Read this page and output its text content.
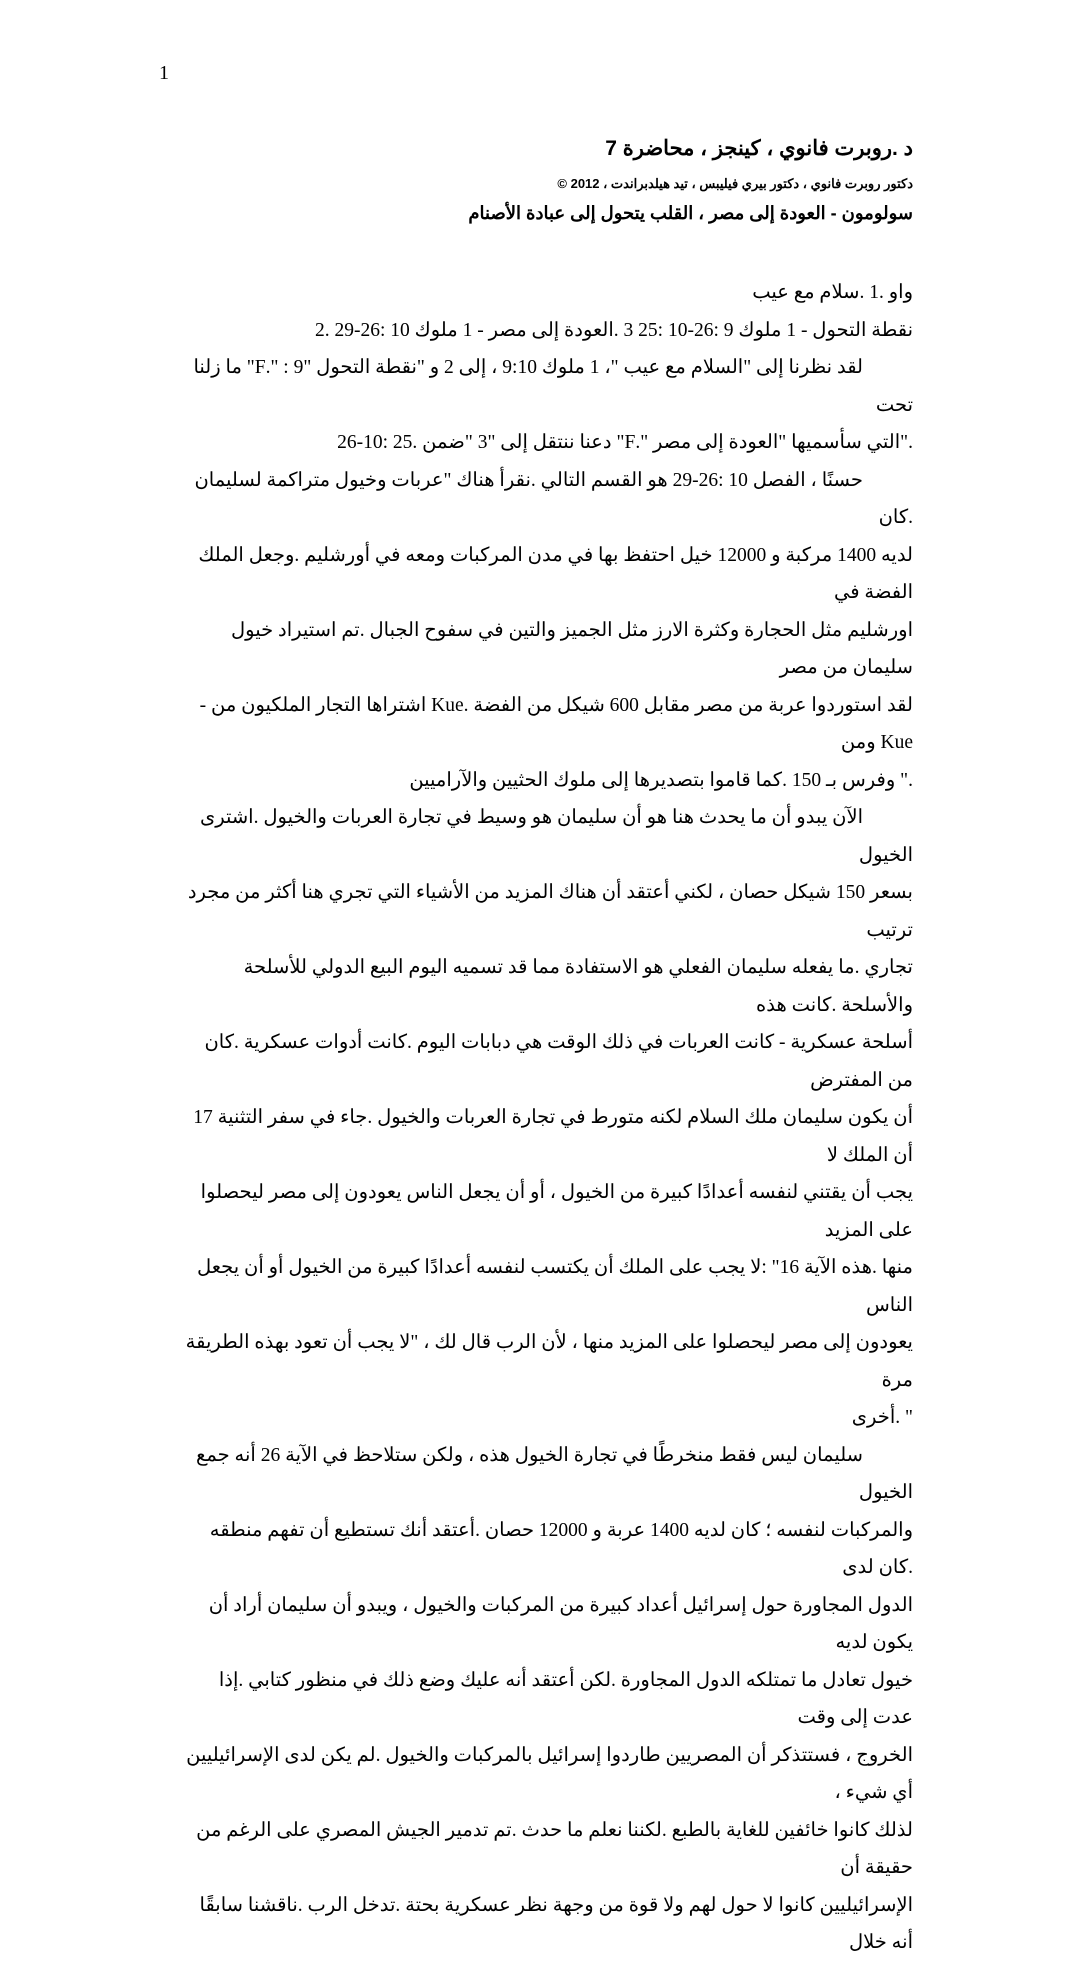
1

د .روبرت فانوي ، كينجز ، محاضرة 7

دكتور روبرت فانوي ، دكتور بيري فيليبس ، تيد هيلدبراندت ، 2012 ©

سولومون - العودة إلى مصر ، القلب يتحول إلى عبادة الأصنام

واو .1 .سلام مع عيب

نقطة التحول - 1 ملوك 9 :26-10 :25 3 .العودة إلى مصر - 1 ملوك 10 :26-29 .2

لقد نظرنا إلى "السلام مع عيب "، 1 ملوك 9:10 ، إلى 2 و "نقطة التحول "9 : ".F" ما زلنا تحت

."التي سأسميها "العودة إلى مصر ".F" دعنا ننتقل إلى "3 "ضمن .25 :10-26

حسنًا ، الفصل 10 :26-29 هو القسم التالي .نقرأ هناك "عربات وخيول متراكمة لسليمان .كان

لديه 1400 مركبة و 12000 خيل احتفظ بها في مدن المركبات ومعه في أورشليم .وجعل الملك الفضة في

اورشليم مثل الحجارة وكثرة الارز مثل الجميز والتين في سفوح الجبال .تم استيراد خيول سليمان من مصر

لقد استوردوا عربة من مصر مقابل 600 شيكل من الفضة .Kue اشتراها التجار الملكيون من - Kue ومن

." وفرس بـ 150 .كما قاموا بتصديرها إلى ملوك الحثيين والآراميين

الآن يبدو أن ما يحدث هنا هو أن سليمان هو وسيط في تجارة العربات والخيول .اشترى الخيول

بسعر 150 شيكل حصان ، لكني أعتقد أن هناك المزيد من الأشياء التي تجري هنا أكثر من مجرد ترتيب

تجاري .ما يفعله سليمان الفعلي هو الاستفادة مما قد تسميه اليوم البيع الدولي للأسلحة والأسلحة .كانت هذه

أسلحة عسكرية - كانت العربات في ذلك الوقت هي دبابات اليوم .كانت أدوات عسكرية .كان من المفترض

أن يكون سليمان ملك السلام لكنه متورط في تجارة العربات والخيول .جاء في سفر التثنية 17 أن الملك لا

يجب أن يقتني لنفسه أعدادًا كبيرة من الخيول ، أو أن يجعل الناس يعودون إلى مصر ليحصلوا على المزيد

منها .هذه الآية 16" :لا يجب على الملك أن يكتسب لنفسه أعدادًا كبيرة من الخيول أو أن يجعل الناس

يعودون إلى مصر ليحصلوا على المزيد منها ، لأن الرب قال لك ، "لا يجب أن تعود بهذه الطريقة مرة

" .أخرى

سليمان ليس فقط منخرطًا في تجارة الخيول هذه ، ولكن ستلاحظ في الآية 26 أنه جمع الخيول

والمركبات لنفسه ؛ كان لديه 1400 عربة و 12000 حصان .أعتقد أنك تستطيع أن تفهم منطقه .كان لدى

الدول المجاورة حول إسرائيل أعداد كبيرة من المركبات والخيول ، ويبدو أن سليمان أراد أن يكون لديه

خيول تعادل ما تمتلكه الدول المجاورة .لكن أعتقد أنه عليك وضع ذلك في منظور كتابي .إذا عدت إلى وقت

الخروج ، فستتذكر أن المصريين طاردوا إسرائيل بالمركبات والخيول .لم يكن لدى الإسرائيليين أي شيء ،

لذلك كانوا خائفين للغاية بالطبع .لكننا نعلم ما حدث .تم تدمير الجيش المصري على الرغم من حقيقة أن

الإسرائيليين كانوا لا حول لهم ولا قوة من وجهة نظر عسكرية بحتة .تدخل الرب .ناقشنا سابقًا أنه خلال
